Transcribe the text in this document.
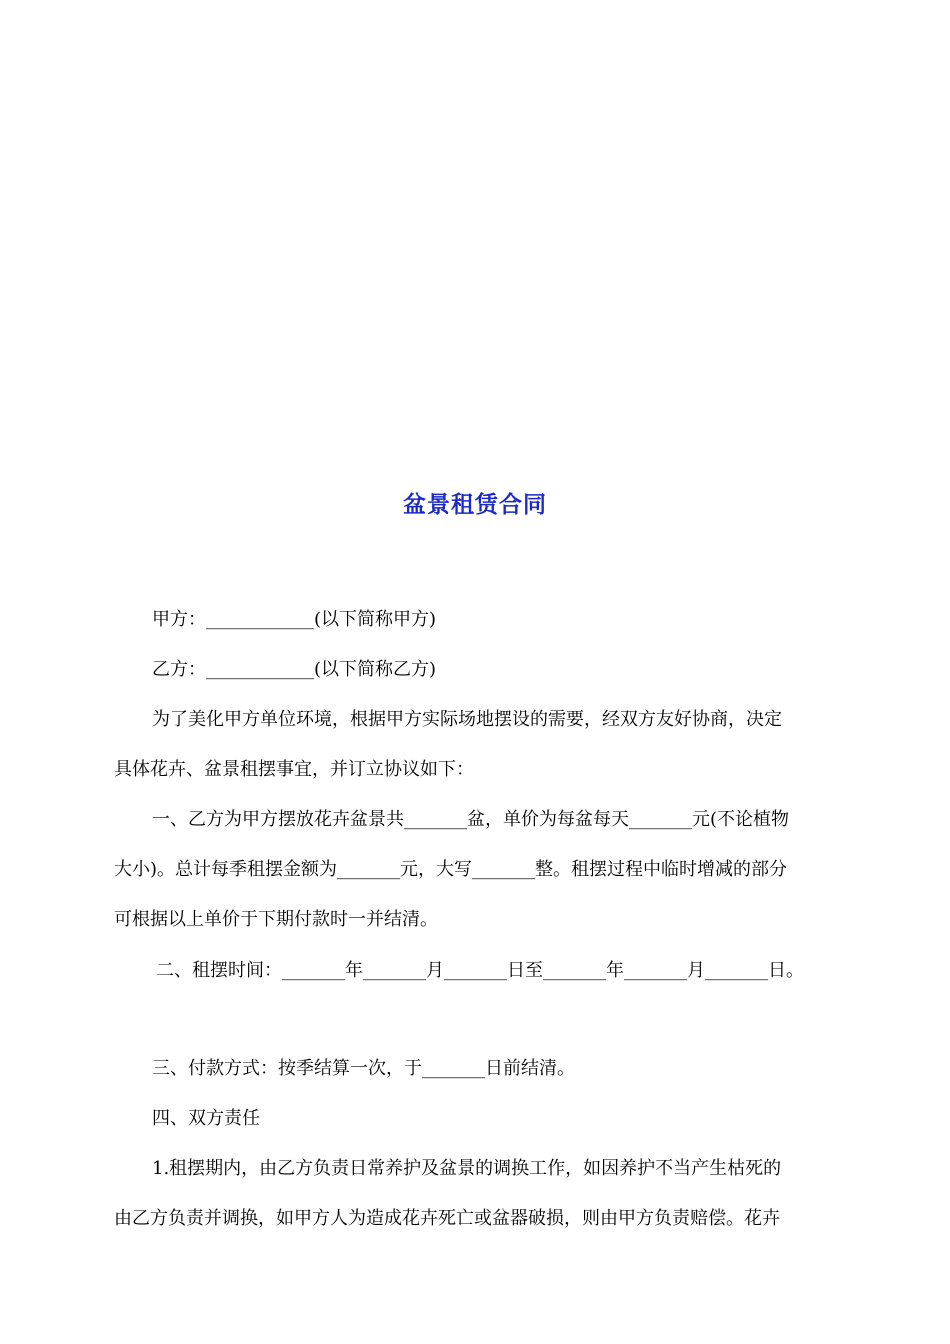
盆景租赁合同
甲方：____________(以下简称甲方)
乙方：____________(以下简称乙方)
为了美化甲方单位环境，根据甲方实际场地摆设的需要，经双方友好协商，决定
具体花卉、盆景租摆事宜，并订立协议如下：
一、乙方为甲方摆放花卉盆景共_______盆，单价为每盆每天_______元(不论植物
大小)。总计每季租摆金额为_______元，大写_______整。租摆过程中临时增减的部分
可根据以上单价于下期付款时一并结清。
二、租摆时间：_______年_______月_______日至_______年_______月_______日。
三、付款方式：按季结算一次，于_______日前结清。
四、双方责任
1.租摆期内，由乙方负责日常养护及盆景的调换工作，如因养护不当产生枯死的
由乙方负责并调换，如甲方人为造成花卉死亡或盆器破损，则由甲方负责赔偿。花卉
